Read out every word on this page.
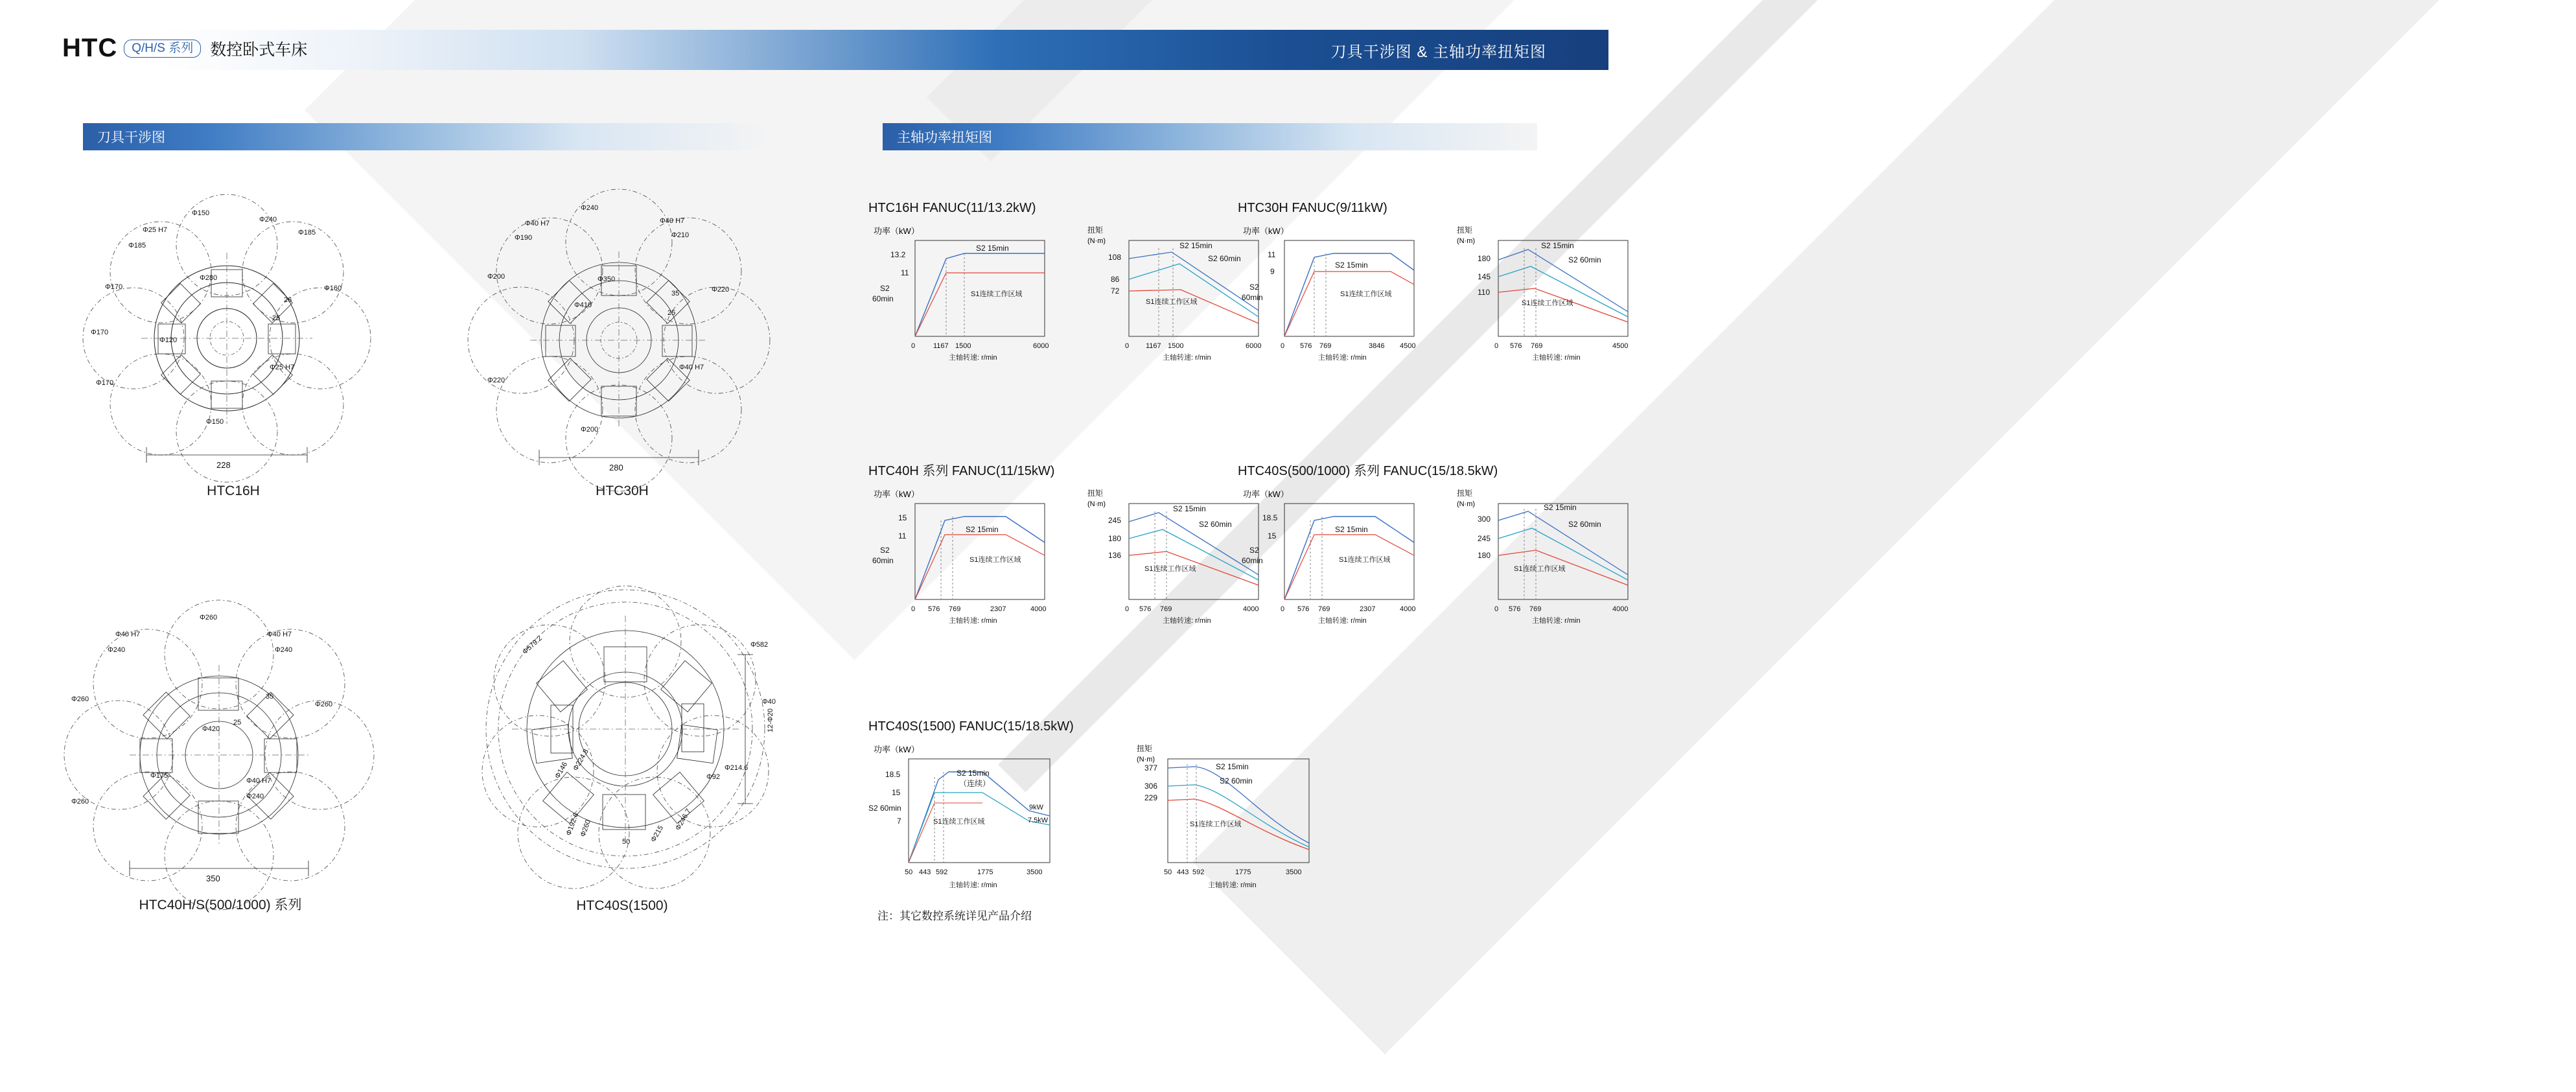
HTC	Q/H/S 系列	数控卧式车床	刀具干涉图 & 主轴功率扭矩图
刀具干涉图	主轴功率扭矩图
Φ150
Φ25 H7
Φ185
Φ240
Φ185
Φ170	Φ160
Φ170
Φ280
Φ120
26
25
Φ25 H7
Φ170
Φ150
228
HTC16H
Φ240
Φ40 H7
Φ190
Φ40 H7
Φ210
Φ200
Φ220
Φ350
Φ410
35
25
Φ40 H7
Φ220
Φ200
280
HTC30H
Φ260
Φ40 H7
Φ240
Φ40 H7
Φ240
Φ260
Φ260
Φ260
Φ420
Φ175
Φ40 H7
Φ240
35
25
350
HTC40H/S(500/1000) 系列
Φ582
Φ579.2
Φ40
12-Φ20
Φ214.6
Φ92
Φ224.8
Φ146
Φ192.6
Φ260	Φ215
Φ246.7
50
HTC40S(1500)
HTC16H FANUC(11/13.2kW)
功率（kW）
13.2
11
S2
60min
S2 15min
S1连续工作区域
0	1167 1500	6000
主轴转速: r/min
扭矩
(N·m)
108
86
72
S2 15min
S2 60min
S1连续工作区域
0 1167 1500	6000
主轴转速: r/min
HTC30H FANUC(9/11kW)
功率（kW）
11
9
S2
60min
S2 15min
S1连续工作区域
0 576 769	3846 4500
主轴转速: r/min
扭矩
(N·m)
180
145
110
S2 15min
S2 60min
S1连续工作区域
0 576 769	4500
主轴转速: r/min
HTC40H 系列 FANUC(11/15kW)
功率（kW）
15
11
S2
60min
S2 15min
S1连续工作区域
0 576 769	2307	4000
主轴转速: r/min
扭矩
(N·m)
245
180
136
S2 15min
S2 60min
S1连续工作区域
0 576 769	4000
主轴转速: r/min
HTC40S(500/1000) 系列 FANUC(15/18.5kW)
功率（kW）
18.5
15
S2
60min
S2 15min
S1连续工作区域
0 576 769	2307	4000
主轴转速: r/min
扭矩
(N·m)
300
245
180
S2 15min
S2 60min
S1连续工作区域
0 576 769	4000
主轴转速: r/min
HTC40S(1500) FANUC(15/18.5kW)
功率（kW）
18.5
15
7
S2 60min
S2 15min
（连续）
S1连续工作区域
9kW
7.5kW
50 443 592	1775	3500
主轴转速: r/min
扭矩
(N·m)
377
306
229
S2 15min
S2 60min
S1连续工作区域
50 443 592	1775	3500
主轴转速: r/min
注：其它数控系统详见产品介绍
